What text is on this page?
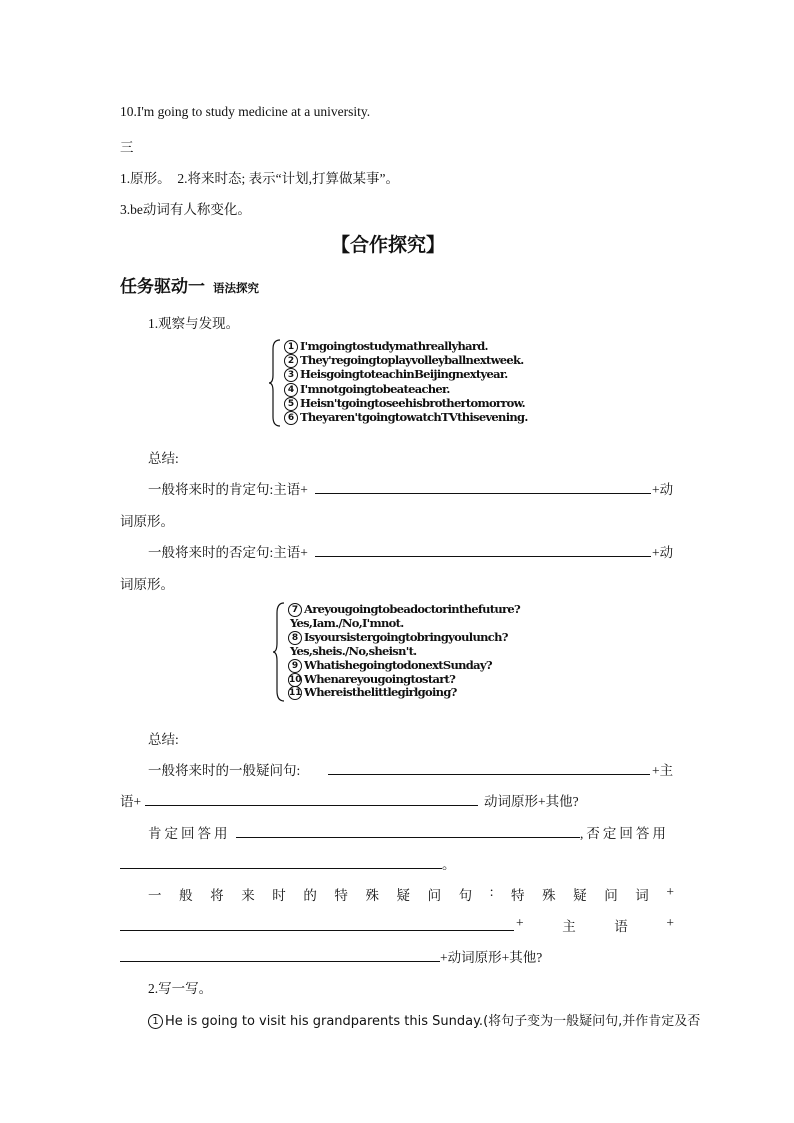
10.I'm going to study medicine at a university.
三
1.原形。　2.将来时态; 表示“计划,打算做某事”。
3.be动词有人称变化。
【合作探究】
任务驱动一 语法探究
1.观察与发现。
1 I'mgoingtostudymathreallyhard.
2 They'regoingtoplayvolleyballnextweek.
3 HeisgoingtoteachinBeijingnextyear.
4 I'mnotgoingtobeateacher.
5 Heisn'tgoingtoseehisbrothertomorrow.
6 Theyaren'tgoingtowatchTVthisevening.
总结:
一般将来时的肯定句:主语+	+动
词原形。
一般将来时的否定句:主语+	+动
词原形。
7 Areyougoingtobeadoctorinthefuture?
Yes,Iam./No,I'mnot.
8 Isyoursistergoingtobringyoulunch?
Yes,sheis./No,sheisn't.
9 WhatishegoingtodonextSunday?
10 Whenareyougoingtostart?
11 Whereisthelittlegirlgoing?
总结:
一般将来时的一般疑问句:	+主
语+	动词原形+其他?
肯定回答用	,否定回答用
。
一 般 将 来 时 的 特 殊 疑 问 句 : 特 殊 疑 问 词 +
+	主	语	+
+动词原形+其他?
2.写一写。
1 He is going to visit his grandparents this Sunday.(将句子变为一般疑问句,并作肯定及否
